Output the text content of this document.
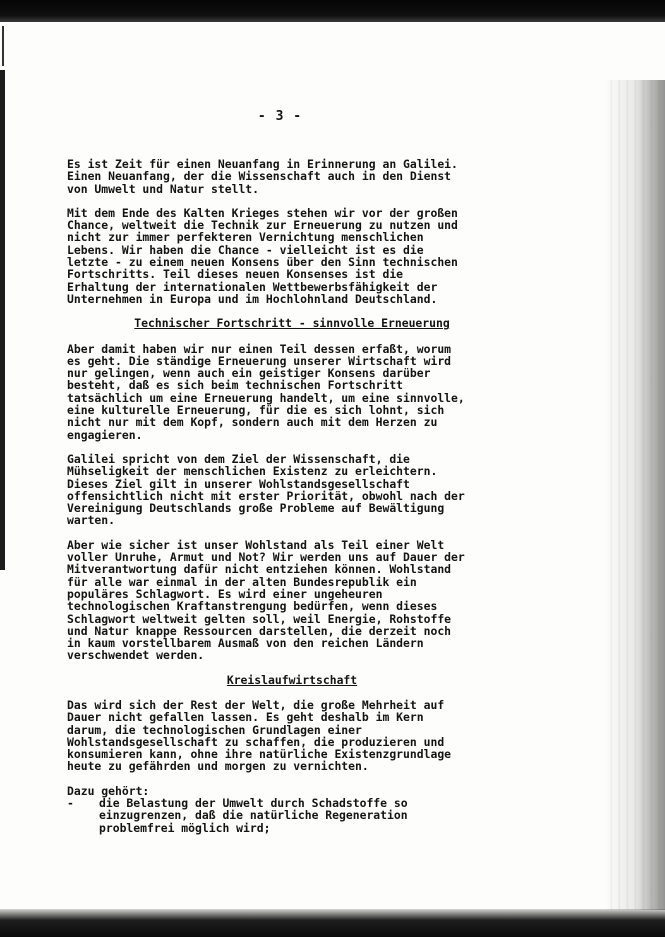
- 3 -
Es ist Zeit für einen Neuanfang in Erinnerung an Galilei.
Einen Neuanfang, der die Wissenschaft auch in den Dienst
von Umwelt und Natur stellt.
Mit dem Ende des Kalten Krieges stehen wir vor der großen
Chance, weltweit die Technik zur Erneuerung zu nutzen und
nicht zur immer perfekteren Vernichtung menschlichen
Lebens. Wir haben die Chance - vielleicht ist es die
letzte - zu einem neuen Konsens über den Sinn technischen
Fortschritts. Teil dieses neuen Konsenses ist die
Erhaltung der internationalen Wettbewerbsfähigkeit der
Unternehmen in Europa und im Hochlohnland Deutschland.
Technischer Fortschritt - sinnvolle Erneuerung
Aber damit haben wir nur einen Teil dessen erfaßt, worum
es geht. Die ständige Erneuerung unserer Wirtschaft wird
nur gelingen, wenn auch ein geistiger Konsens darüber
besteht, daß es sich beim technischen Fortschritt
tatsächlich um eine Erneuerung handelt, um eine sinnvolle,
eine kulturelle Erneuerung, für die es sich lohnt, sich
nicht nur mit dem Kopf, sondern auch mit dem Herzen zu
engagieren.
Galilei spricht von dem Ziel der Wissenschaft, die
Mühseligkeit der menschlichen Existenz zu erleichtern.
Dieses Ziel gilt in unserer Wohlstandsgesellschaft
offensichtlich nicht mit erster Priorität, obwohl nach der
Vereinigung Deutschlands große Probleme auf Bewältigung
warten.
Aber wie sicher ist unser Wohlstand als Teil einer Welt
voller Unruhe, Armut und Not? Wir werden uns auf Dauer der
Mitverantwortung dafür nicht entziehen können. Wohlstand
für alle war einmal in der alten Bundesrepublik ein
populäres Schlagwort. Es wird einer ungeheuren
technologischen Kraftanstrengung bedürfen, wenn dieses
Schlagwort weltweit gelten soll, weil Energie, Rohstoffe
und Natur knappe Ressourcen darstellen, die derzeit noch
in kaum vorstellbarem Ausmaß von den reichen Ländern
verschwendet werden.
Kreislaufwirtschaft
Das wird sich der Rest der Welt, die große Mehrheit auf
Dauer nicht gefallen lassen. Es geht deshalb im Kern
darum, die technologischen Grundlagen einer
Wohlstandsgesellschaft zu schaffen, die produzieren und
konsumieren kann, ohne ihre natürliche Existenzgrundlage
heute zu gefährden und morgen zu vernichten.
Dazu gehört:
- die Belastung der Umwelt durch Schadstoffe so
einzugrenzen, daß die natürliche Regeneration
problemfrei möglich wird;
